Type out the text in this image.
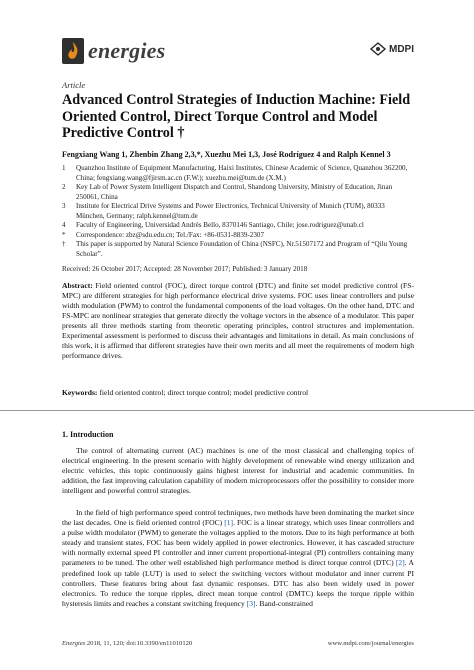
energies	MDPI
Article
Advanced Control Strategies of Induction Machine: Field Oriented Control, Direct Torque Control and Model Predictive Control †
Fengxiang Wang 1, Zhenbin Zhang 2,3,*, Xuezhu Mei 1,3, José Rodríguez 4 and Ralph Kennel 3
1	Quanzhou Institute of Equipment Manufacturing, Haixi Institutes, Chinese Academic of Science, Quanzhou 362200, China; fengxiang.wang@fjirsm.ac.cn (F.W.); xuezhu.mei@tum.de (X.M.)
2	Key Lab of Power System Intelligent Dispatch and Control, Shandong University, Ministry of Education, Jinan 250061, China
3	Institute for Electrical Drive Systems and Power Electronics, Technical University of Munich (TUM), 80333 München, Germany; ralph.kennel@tum.de
4	Faculty of Engineering, Universidad Andrés Bello, 8370146 Santiago, Chile; jose.rodriguez@unab.cl
*	Correspondence: zbz@sdu.edu.cn; Tel./Fax: +86-0531-8839-2307
†	This paper is supported by Natural Science Foundation of China (NSFC), Nr.51507172 and Program of “Qilu Young Scholar”.
Received: 26 October 2017; Accepted: 28 November 2017; Published: 3 January 2018
Abstract: Field oriented control (FOC), direct torque control (DTC) and finite set model predictive control (FS-MPC) are different strategies for high performance electrical drive systems. FOC uses linear controllers and pulse width modulation (PWM) to control the fundamental components of the load voltages. On the other hand, DTC and FS-MPC are nonlinear strategies that generate directly the voltage vectors in the absence of a modulator. This paper presents all three methods starting from theoretic operating principles, control structures and implementation. Experimental assessment is performed to discuss their advantages and limitations in detail. As main conclusions of this work, it is affirmed that different strategies have their own merits and all meet the requirements of modern high performance drives.
Keywords: field oriented control; direct torque control; model predictive control
1. Introduction
The control of alternating current (AC) machines is one of the most classical and challenging topics of electrical engineering. In the present scenario with highly development of renewable wind energy utilization and electric vehicles, this topic continuously gains highest interest for industrial and academic communities. In addition, the fast improving calculation capability of modern microprocessors offer the possibility to consider more intelligent and powerful control strategies.
In the field of high performance speed control techniques, two methods have been dominating the market since the last decades. One is field oriented control (FOC) [1]. FOC is a linear strategy, which uses linear controllers and a pulse width modulator (PWM) to generate the voltages applied to the motors. Due to its high performance at both steady and transient states, FOC has been widely applied in power electronics. However, it has cascaded structure with normally external speed PI controller and inner current proportional-integral (PI) controllers containing many parameters to be tuned. The other well established high performance method is direct torque control (DTC) [2]. A predefined look up table (LUT) is used to select the switching vectors without modulator and inner current PI controllers. These features bring about fast dynamic responses. DTC has also been widely used in power electronics. To reduce the torque ripples, direct mean torque control (DMTC) keeps the torque ripple within hysteresis limits and reaches a constant switching frequency [3]. Band-constrained
Energies 2018, 11, 120; doi:10.3390/en11010120	www.mdpi.com/journal/energies
